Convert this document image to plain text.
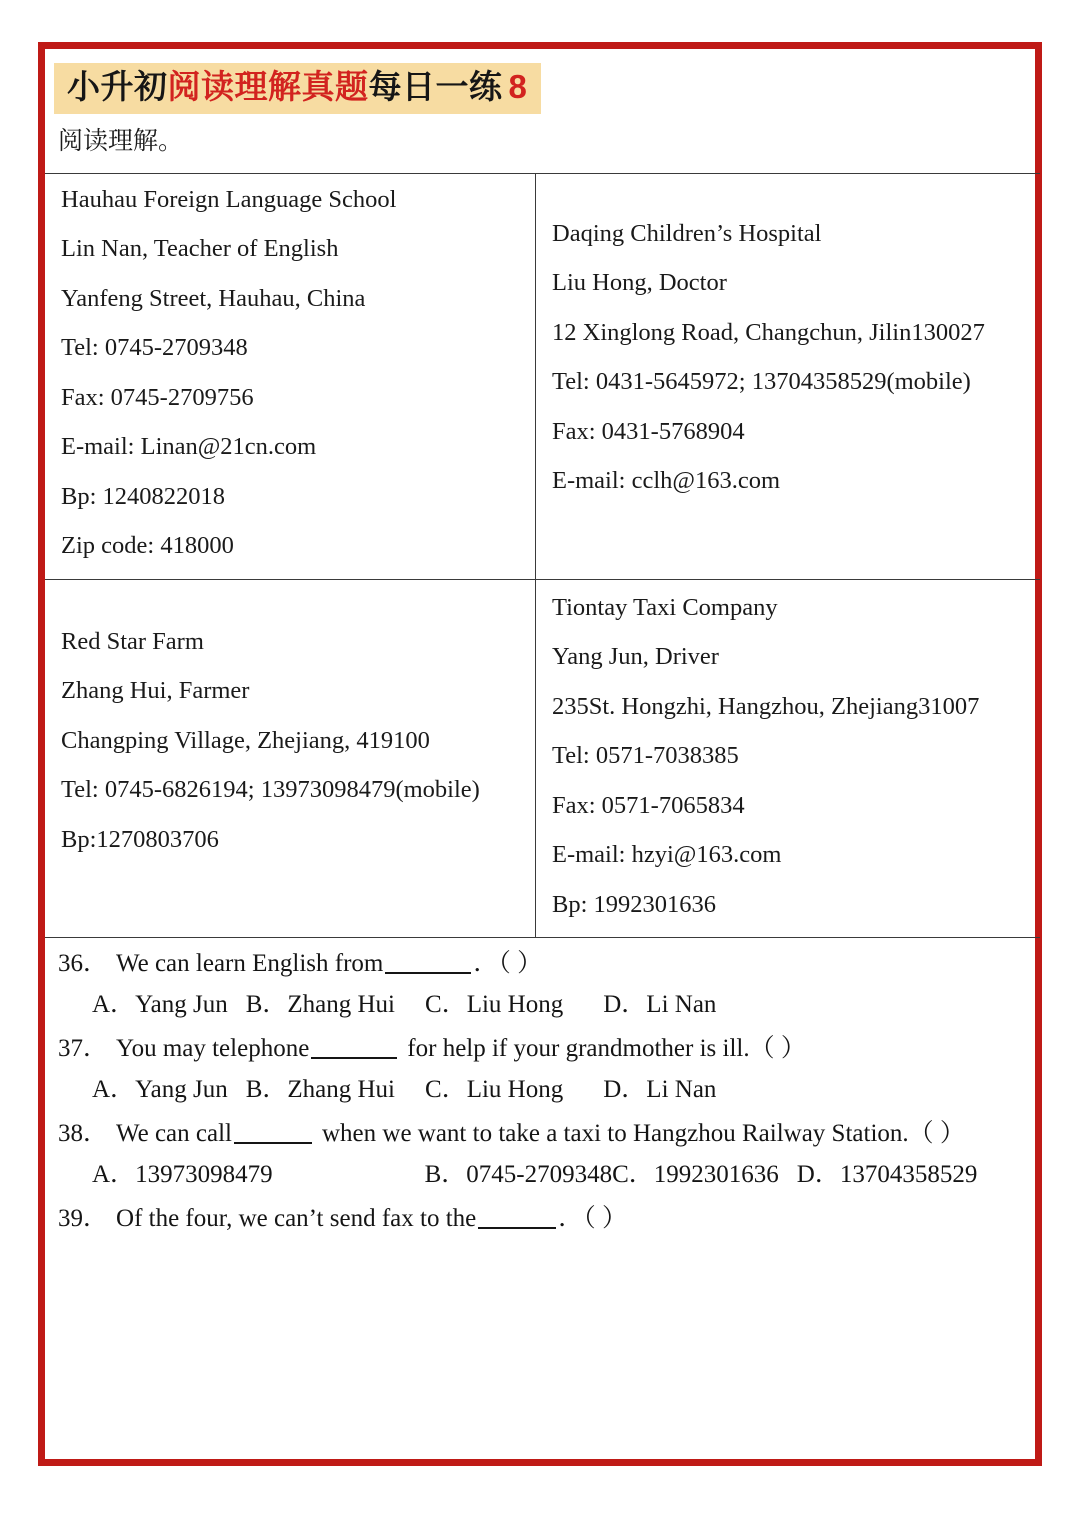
小升初阅读理解真题每日一练 8
阅读理解。
Hauhau Foreign Language School
Lin Nan, Teacher of English
Yanfeng Street, Hauhau, China
Tel: 0745-2709348
Fax: 0745-2709756
E-mail: Linan@21cn.com
Bp: 1240822018
Zip code: 418000

Daqing Children’s Hospital
Liu Hong, Doctor
12 Xinglong Road, Changchun, Jilin130027
Tel: 0431-5645972; 13704358529(mobile)
Fax: 0431-5768904
E-mail: cclh@163.com

Red Star Farm
Zhang Hui, Farmer
Changping Village, Zhejiang, 419100
Tel: 0745-6826194; 13973098479(mobile)
Bp:1270803706

Tiontay Taxi Company
Yang Jun, Driver
235St. Hongzhi, Hangzhou, Zhejiang31007
Tel: 0571-7038385
Fax: 0571-7065834
E-mail: hzyi@163.com
Bp: 1992301636
36． We can learn English from	．（ ）
A．Yang Jun B．Zhang Hui C．Liu Hong D．Li Nan
37． You may telephone	for help if your grandmother is ill.（ ）
A．Yang Jun B．Zhang Hui C．Liu Hong D．Li Nan
38． We can call	when we want to take a taxi to Hangzhou Railway Station.（ ）
A．13973098479	B．0745-2709348C．1992301636 D．13704358529
39． Of the four, we can’t send fax to the	．（ ）
